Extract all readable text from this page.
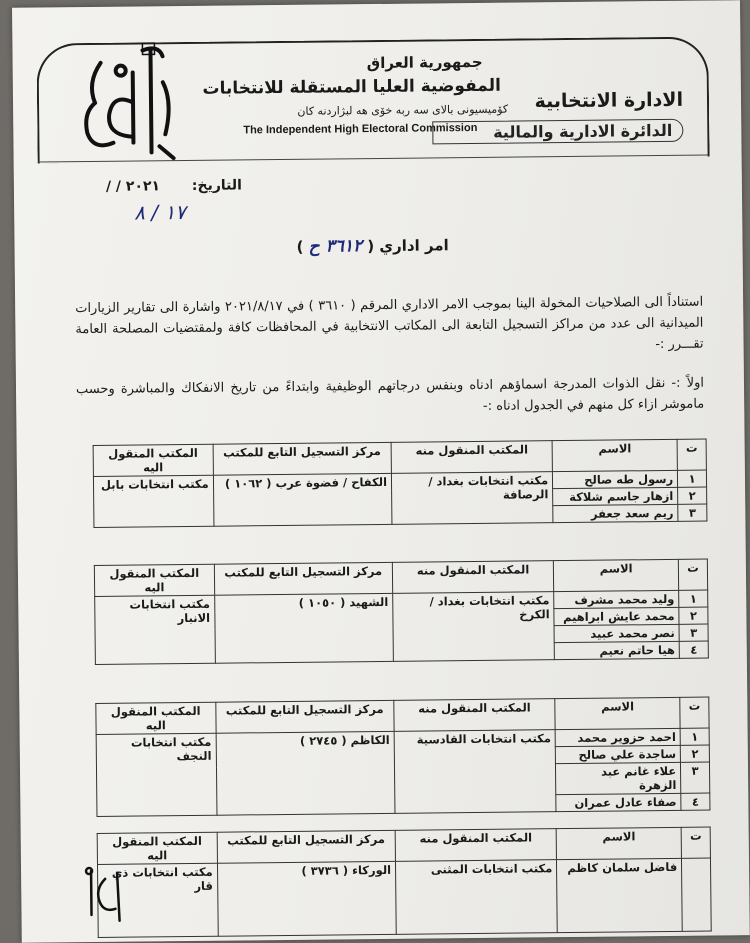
جمهورية العراق
المفوضية العليا المستقلة للانتخابات
كۆمیسیونی بالای سه ربه خۆی هه لبژاردنه كان
The Independent High Electoral Commission
الادارة الانتخابية
الدائرة الادارية والمالية
التاريخ:
/ / ٢٠٢١
١٧ / ٨
امر اداري ( ٣٦١٢ ح )
استناداً الى الصلاحيات المخولة الينا بموجب الامر الاداري المرقم ( ٣٦١٠ ) في ٢٠٢١/٨/١٧ واشارة الى تقارير الزيارات الميدانية الى عدد من مراكز التسجيل التابعة الى المكاتب الانتخابية في المحافظات كافة ولمقتضيات المصلحة العامة تقـــرر :-
اولاً :- نقل الذوات المدرجة اسماؤهم ادناه وبنفس درجاتهم الوظيفية وابتداءً من تاريخ الانفكاك والمباشرة وحسب ماموشر ازاء كل منهم في الجدول ادناه :-
ت	الاسم	المكتب المنقول منه	مركز التسجيل التابع للمكتب	المكتب المنقول اليه
١	رسول طه صالح	مكتب انتخابات بغداد / الرصافة	الكفاح / فضوة عرب ( ١٠٦٢ )	مكتب انتخابات بابل
٢	ازهار جاسم شلاكة			
٣	ريم سعد جعفر			
ت	الاسم	المكتب المنقول منه	مركز التسجيل التابع للمكتب	المكتب المنقول اليه
١	وليد محمد مشرف	مكتب انتخابات بغداد / الكرخ	الشهيد ( ١٠٥٠ )	مكتب انتخابات الانبار
٢	محمد عايش ابراهيم			
٣	نصر محمد عبيد			
٤	هيا حاتم نعيم			
ت	الاسم	المكتب المنقول منه	مركز التسجيل التابع للمكتب	المكتب المنقول اليه
١	احمد حزوير محمد	مكتب انتخابات القادسية	الكاظم ( ٢٧٤٥ )	مكتب انتخابات النجف
٢	ساجدة علي صالح			
٣	علاء غانم عبد الزهرة			
٤	صفاء عادل عمران			
ت	الاسم	المكتب المنقول منه	مركز التسجيل التابع للمكتب	المكتب المنقول اليه
	فاضل سلمان كاظم	مكتب انتخابات المثنى	الوركاء ( ٣٧٣٦ )	مكتب انتخابات ذي قار
